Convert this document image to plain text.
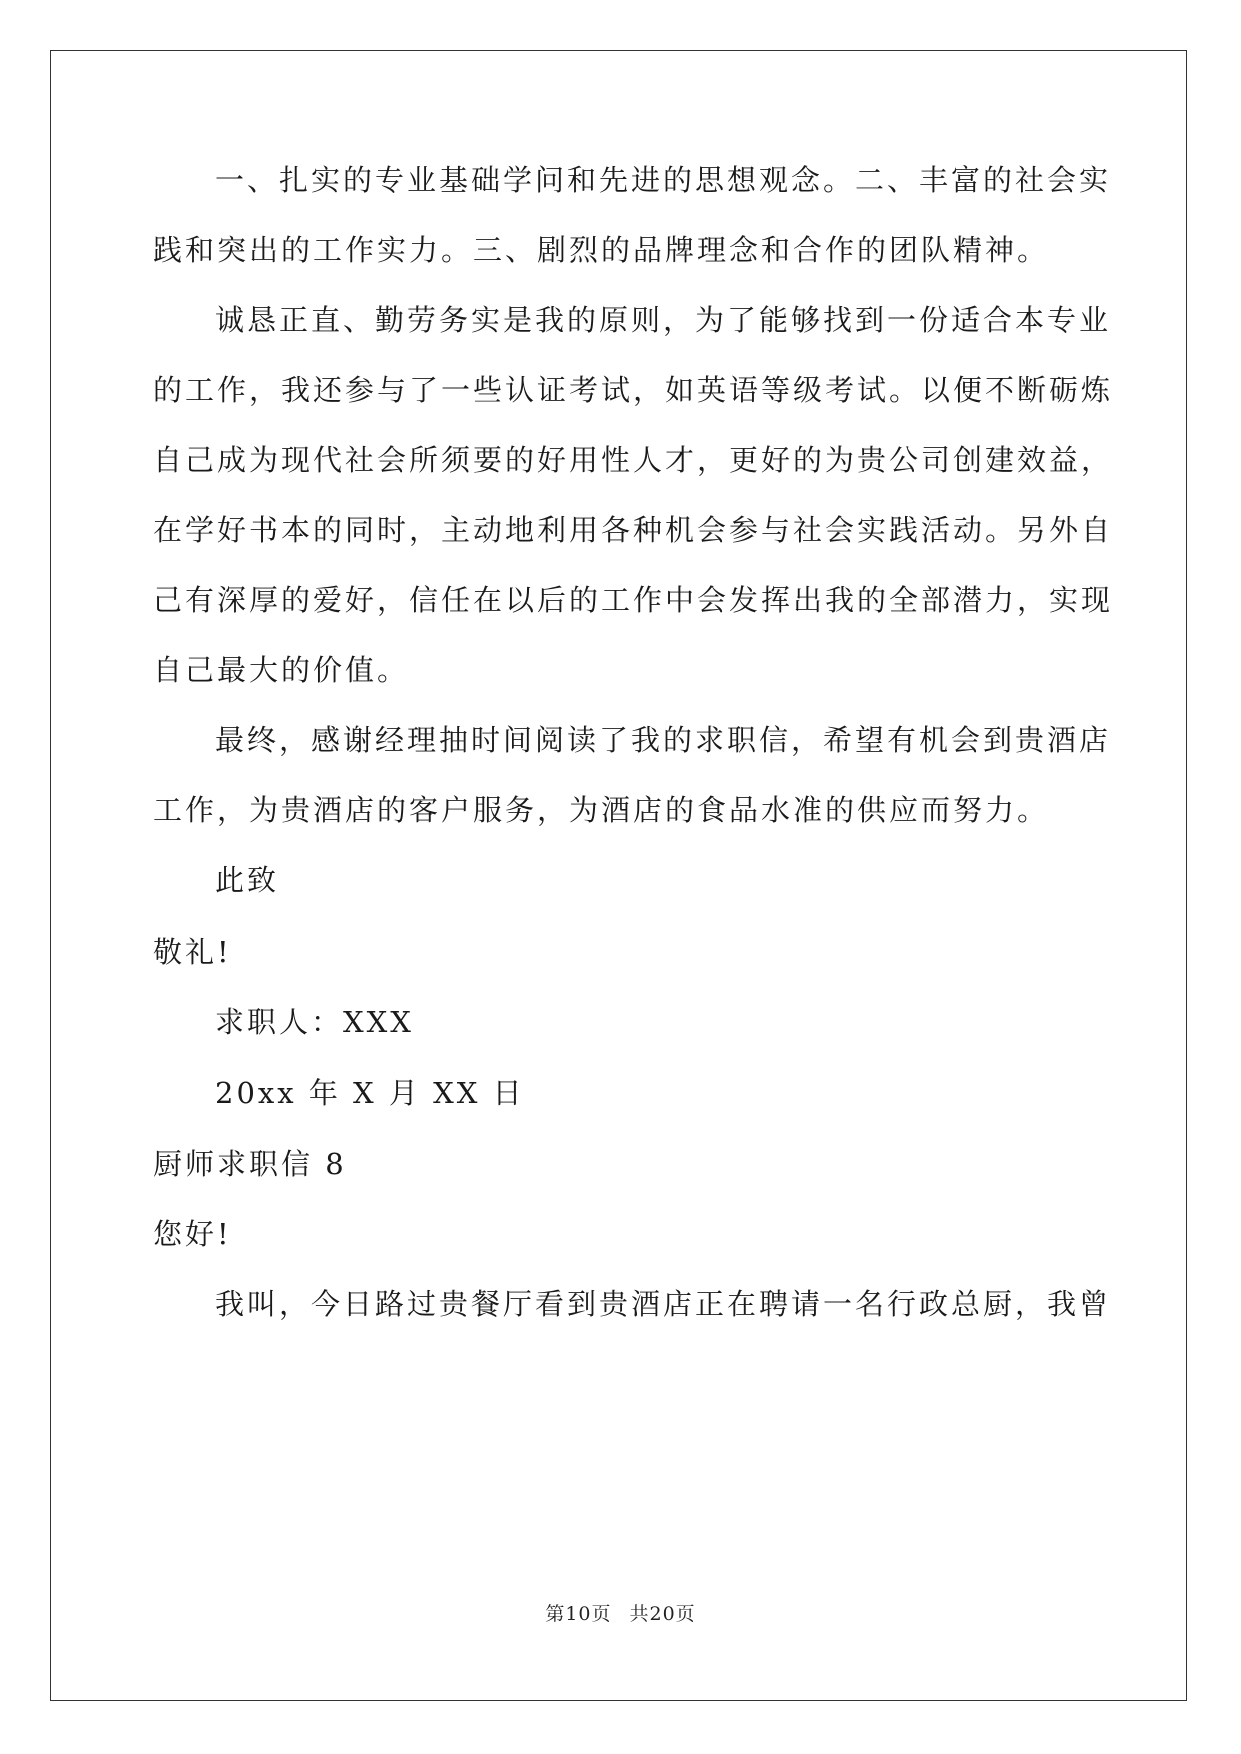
一、扎实的专业基础学问和先进的思想观念。二、丰富的社会实
践和突出的工作实力。三、剧烈的品牌理念和合作的团队精神。
诚恳正直、勤劳务实是我的原则，为了能够找到一份适合本专业
的工作，我还参与了一些认证考试，如英语等级考试。以便不断砺炼
自己成为现代社会所须要的好用性人才，更好的为贵公司创建效益，
在学好书本的同时，主动地利用各种机会参与社会实践活动。另外自
己有深厚的爱好，信任在以后的工作中会发挥出我的全部潜力，实现
自己最大的价值。
最终，感谢经理抽时间阅读了我的求职信，希望有机会到贵酒店
工作，为贵酒店的客户服务，为酒店的食品水准的供应而努力。
此致
敬礼!
求职人：XXX
20xx 年 X 月 XX 日
厨师求职信 8
您好!
我叫，今日路过贵餐厅看到贵酒店正在聘请一名行政总厨，我曾
第10页 共20页
